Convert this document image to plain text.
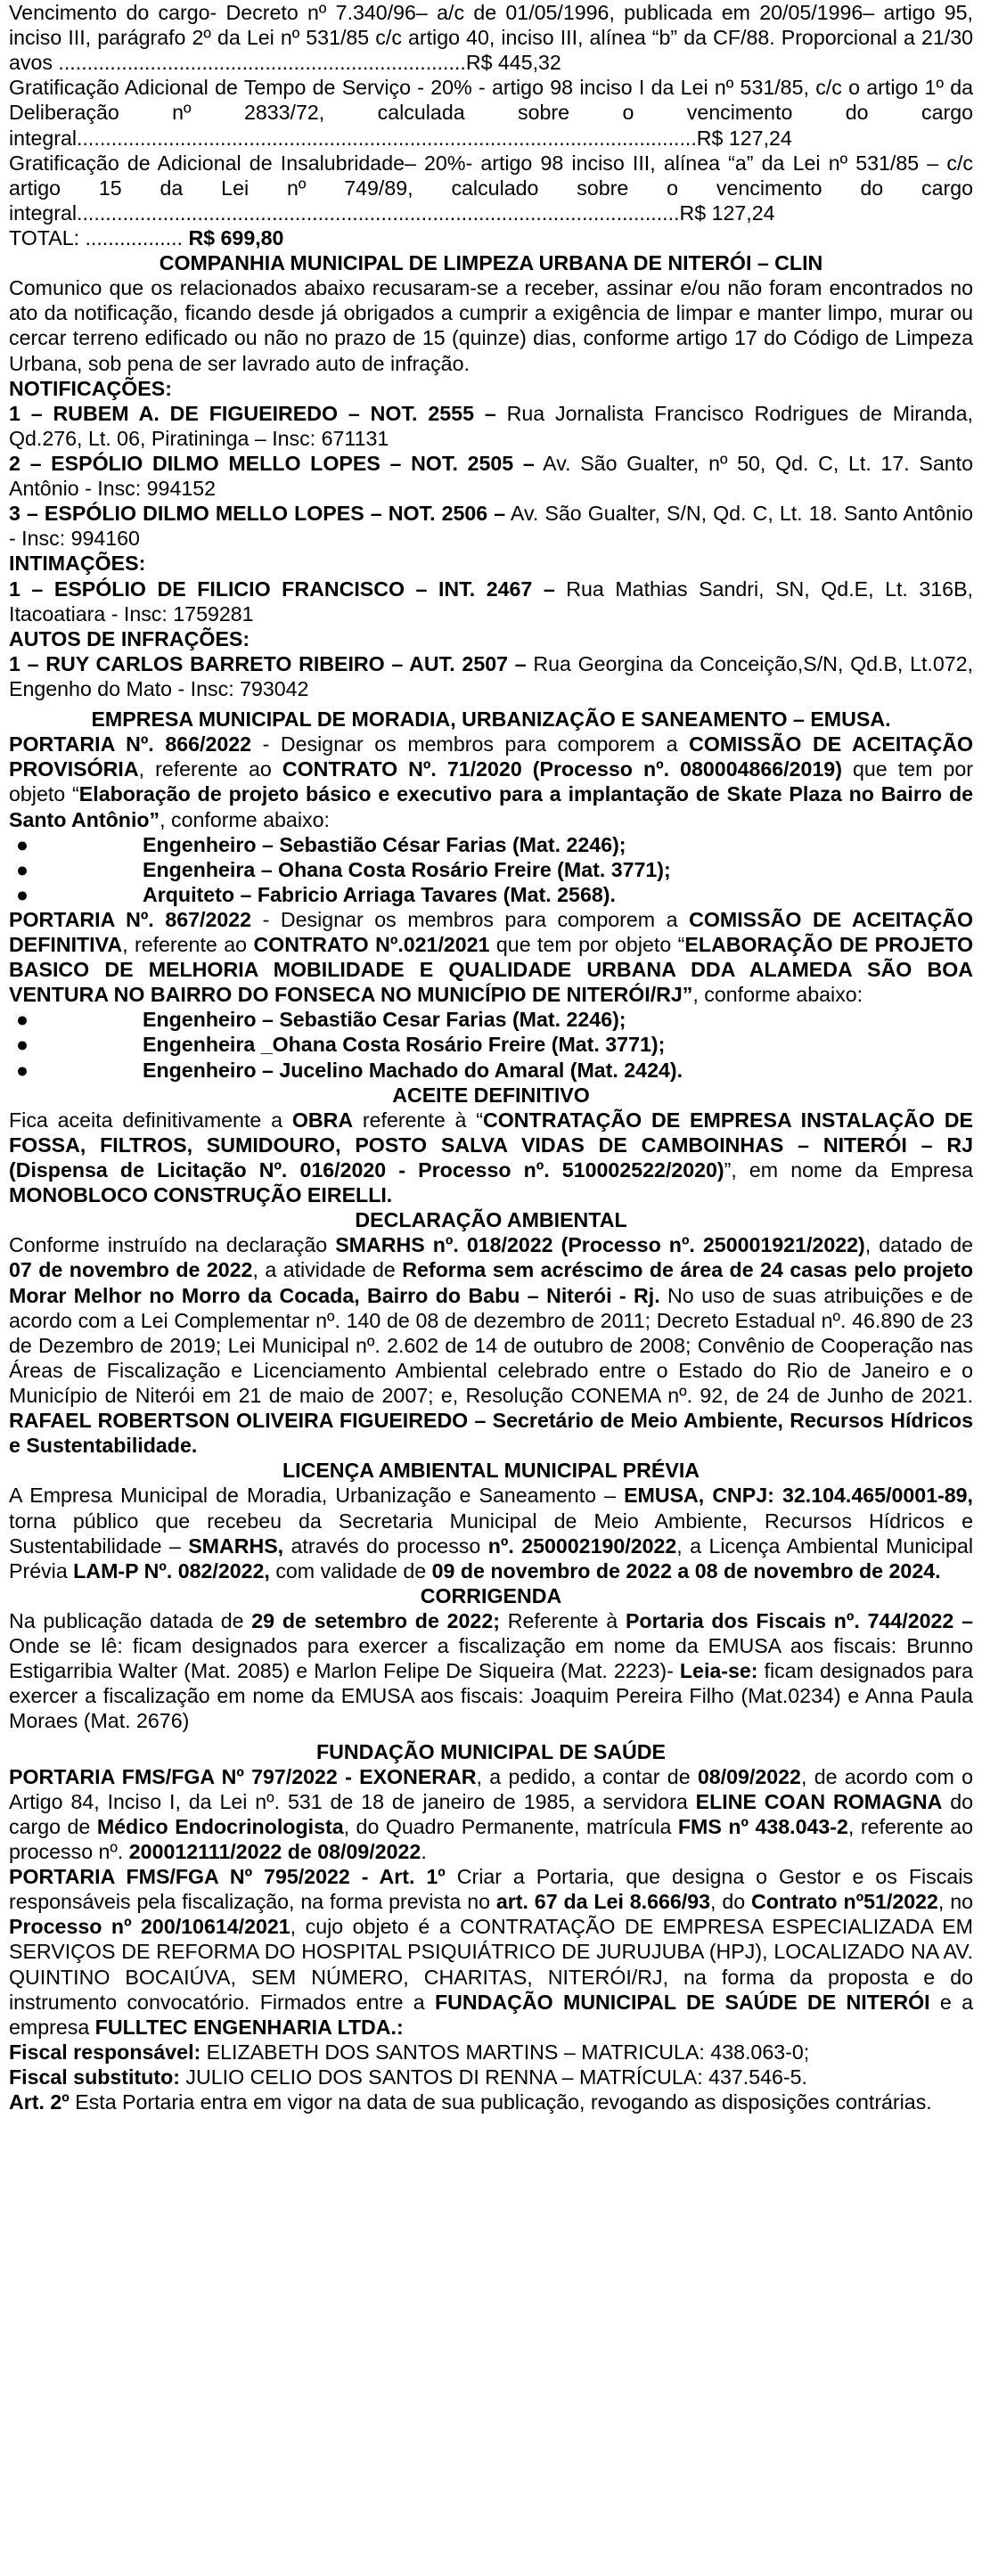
Vencimento do cargo- Decreto nº 7.340/96– a/c de 01/05/1996, publicada em 20/05/1996– artigo 95, inciso III, parágrafo 2º da Lei nº 531/85 c/c artigo 40, inciso III, alínea “b” da CF/88. Proporcional a 21/30 avos .......................................................................R$ 445,32

Gratificação Adicional de Tempo de Serviço - 20% - artigo 98 inciso I da Lei nº 531/85, c/c o artigo 1º da Deliberação nº 2833/72, calculada sobre o vencimento do cargo integral............................................................................................................R$ 127,24

Gratificação de Adicional de Insalubridade– 20%- artigo 98 inciso III, alínea “a” da Lei nº 531/85 – c/c artigo 15 da Lei nº 749/89, calculado sobre o vencimento do cargo integral.........................................................................................................R$ 127,24

TOTAL: ................. R$ 699,80

COMPANHIA MUNICIPAL DE LIMPEZA URBANA DE NITERÓI – CLIN

Comunico que os relacionados abaixo recusaram-se a receber, assinar e/ou não foram encontrados no ato da notificação, ficando desde já obrigados a cumprir a exigência de limpar e manter limpo, murar ou cercar terreno edificado ou não no prazo de 15 (quinze) dias, conforme artigo 17 do Código de Limpeza Urbana, sob pena de ser lavrado auto de infração.

NOTIFICAÇÕES:

1 – RUBEM A. DE FIGUEIREDO – NOT. 2555 – Rua Jornalista Francisco Rodrigues de Miranda, Qd.276, Lt. 06, Piratininga – Insc: 671131

2 – ESPÓLIO DILMO MELLO LOPES – NOT. 2505 – Av. São Gualter, nº 50, Qd. C, Lt. 17. Santo Antônio - Insc: 994152

3 – ESPÓLIO DILMO MELLO LOPES – NOT. 2506 – Av. São Gualter, S/N, Qd. C, Lt. 18. Santo Antônio - Insc: 994160

INTIMAÇÕES:

1 – ESPÓLIO DE FILICIO FRANCISCO – INT. 2467 – Rua Mathias Sandri, SN, Qd.E, Lt. 316B, Itacoatiara - Insc: 1759281

AUTOS DE INFRAÇÕES:

1 – RUY CARLOS BARRETO RIBEIRO – AUT. 2507 – Rua Georgina da Conceição,S/N, Qd.B, Lt.072, Engenho do Mato - Insc: 793042

EMPRESA MUNICIPAL DE MORADIA, URBANIZAÇÃO E SANEAMENTO – EMUSA.

PORTARIA Nº. 866/2022 - Designar os membros para comporem a COMISSÃO DE ACEITAÇÃO PROVISÓRIA, referente ao CONTRATO Nº. 71/2020 (Processo nº. 080004866/2019) que tem por objeto “Elaboração de projeto básico e executivo para a implantação de Skate Plaza no Bairro de Santo Antônio”, conforme abaixo:

●	Engenheiro – Sebastião César Farias (Mat. 2246);
●	Engenheira – Ohana Costa Rosário Freire (Mat. 3771);
●	Arquiteto – Fabricio Arriaga Tavares (Mat. 2568).

PORTARIA Nº. 867/2022 - Designar os membros para comporem a COMISSÃO DE ACEITAÇÃO DEFINITIVA, referente ao CONTRATO Nº.021/2021 que tem por objeto “ELABORAÇÃO DE PROJETO BASICO DE MELHORIA MOBILIDADE E QUALIDADE URBANA DDA ALAMEDA SÃO BOA VENTURA NO BAIRRO DO FONSECA NO MUNICÍPIO DE NITERÓI/RJ”, conforme abaixo:

●	Engenheiro – Sebastião Cesar Farias (Mat. 2246);
●	Engenheira _Ohana Costa Rosário Freire (Mat. 3771);
●	Engenheiro – Jucelino Machado do Amaral (Mat. 2424).

ACEITE DEFINITIVO

Fica aceita definitivamente a OBRA referente à “CONTRATAÇÃO DE EMPRESA INSTALAÇÃO DE FOSSA, FILTROS, SUMIDOURO, POSTO SALVA VIDAS DE CAMBOINHAS – NITERÓI – RJ (Dispensa de Licitação Nº. 016/2020 - Processo nº. 510002522/2020)”, em nome da Empresa MONOBLOCO CONSTRUÇÃO EIRELLI.

DECLARAÇÃO AMBIENTAL

Conforme instruído na declaração SMARHS nº. 018/2022 (Processo nº. 250001921/2022), datado de 07 de novembro de 2022, a atividade de Reforma sem acréscimo de área de 24 casas pelo projeto Morar Melhor no Morro da Cocada, Bairro do Babu – Niterói - Rj. No uso de suas atribuições e de acordo com a Lei Complementar nº. 140 de 08 de dezembro de 2011; Decreto Estadual nº. 46.890 de 23 de Dezembro de 2019; Lei Municipal nº. 2.602 de 14 de outubro de 2008; Convênio de Cooperação nas Áreas de Fiscalização e Licenciamento Ambiental celebrado entre o Estado do Rio de Janeiro e o Município de Niterói em 21 de maio de 2007; e, Resolução CONEMA nº. 92, de 24 de Junho de 2021. RAFAEL ROBERTSON OLIVEIRA FIGUEIREDO – Secretário de Meio Ambiente, Recursos Hídricos e Sustentabilidade.

LICENÇA AMBIENTAL MUNICIPAL PRÉVIA

A Empresa Municipal de Moradia, Urbanização e Saneamento – EMUSA, CNPJ: 32.104.465/0001-89, torna público que recebeu da Secretaria Municipal de Meio Ambiente, Recursos Hídricos e Sustentabilidade – SMARHS, através do processo nº. 250002190/2022, a Licença Ambiental Municipal Prévia LAM-P Nº. 082/2022, com validade de 09 de novembro de 2022 a 08 de novembro de 2024.

CORRIGENDA

Na publicação datada de 29 de setembro de 2022; Referente à Portaria dos Fiscais nº. 744/2022 – Onde se lê: ficam designados para exercer a fiscalização em nome da EMUSA aos fiscais: Brunno Estigarribia Walter (Mat. 2085) e Marlon Felipe De Siqueira (Mat. 2223)- Leia-se: ficam designados para exercer a fiscalização em nome da EMUSA aos fiscais: Joaquim Pereira Filho (Mat.0234) e Anna Paula Moraes (Mat. 2676)

FUNDAÇÃO MUNICIPAL DE SAÚDE

PORTARIA FMS/FGA Nº 797/2022 - EXONERAR, a pedido, a contar de 08/09/2022, de acordo com o Artigo 84, Inciso I, da Lei nº. 531 de 18 de janeiro de 1985, a servidora ELINE COAN ROMAGNA do cargo de Médico Endocrinologista, do Quadro Permanente, matrícula FMS nº 438.043-2, referente ao processo nº. 200012111/2022 de 08/09/2022.

PORTARIA FMS/FGA Nº 795/2022 - Art. 1º Criar a Portaria, que designa o Gestor e os Fiscais responsáveis pela fiscalização, na forma prevista no art. 67 da Lei 8.666/93, do Contrato nº51/2022, no Processo nº 200/10614/2021, cujo objeto é a CONTRATAÇÃO DE EMPRESA ESPECIALIZADA EM SERVIÇOS DE REFORMA DO HOSPITAL PSIQUIÁTRICO DE JURUJUBA (HPJ), LOCALIZADO NA AV. QUINTINO BOCAIÚVA, SEM NÚMERO, CHARITAS, NITERÓI/RJ, na forma da proposta e do instrumento convocatório. Firmados entre a FUNDAÇÃO MUNICIPAL DE SAÚDE DE NITERÓI e a empresa FULLTEC ENGENHARIA LTDA.:

Fiscal responsável: ELIZABETH DOS SANTOS MARTINS – MATRICULA: 438.063-0;

Fiscal substituto: JULIO CELIO DOS SANTOS DI RENNA – MATRÍCULA: 437.546-5.

Art. 2º Esta Portaria entra em vigor na data de sua publicação, revogando as disposições contrárias.
